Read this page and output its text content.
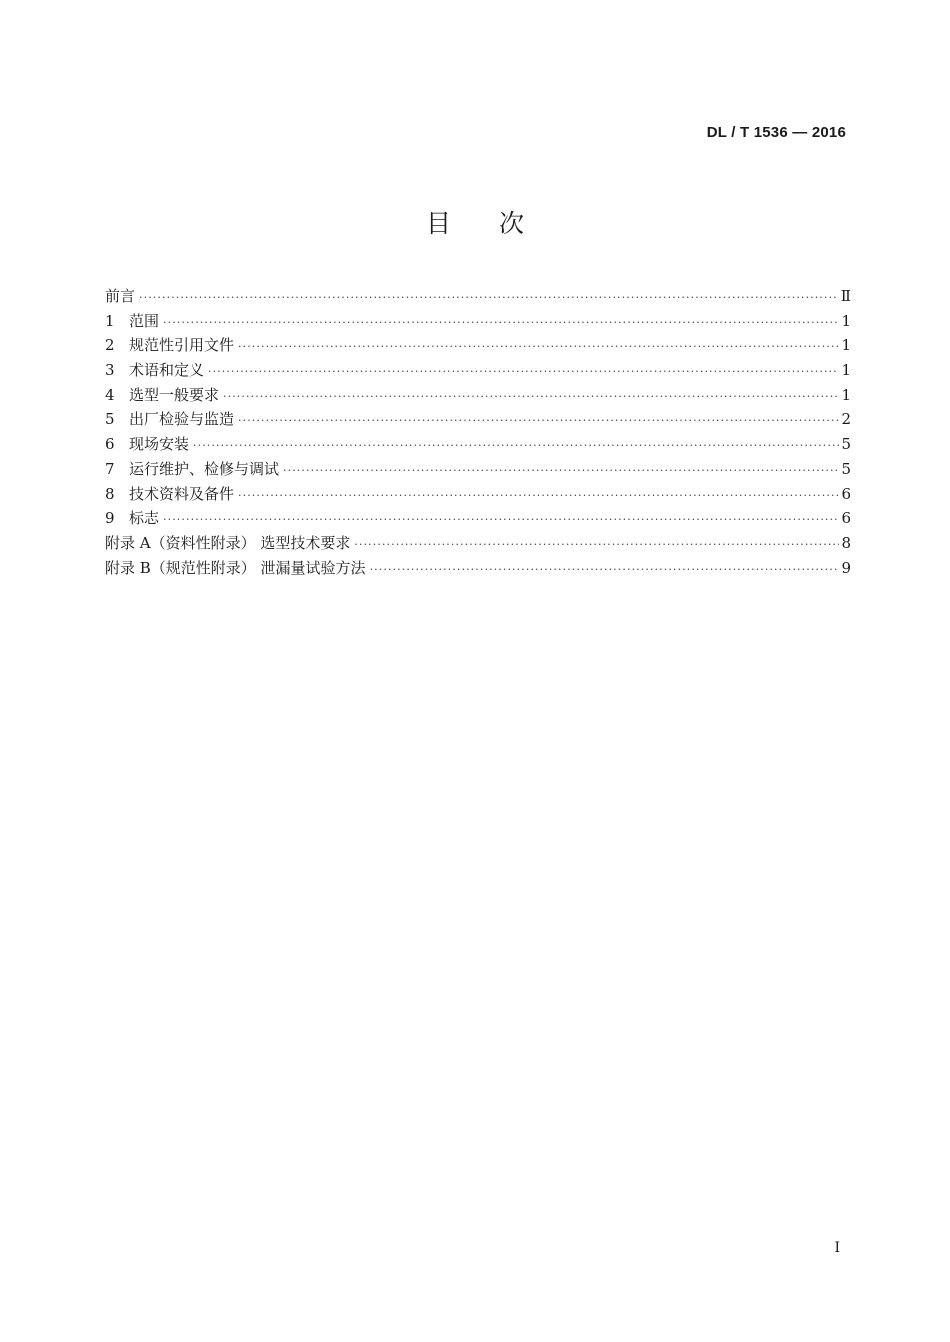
DL / T 1536 — 2016
目次
前言 ·····	Ⅱ
1 范围 ·····	1
2 规范性引用文件 ·····	1
3 术语和定义 ·····	1
4 选型一般要求 ·····	1
5 出厂检验与监造 ·····	2
6 现场安装 ·····	5
7 运行维护、检修与调试 ·····	5
8 技术资料及备件 ·····	6
9 标志 ·····	6
附录 A（资料性附录） 选型技术要求 ·····	8
附录 B（规范性附录） 泄漏量试验方法 ·····	9
Ⅰ
